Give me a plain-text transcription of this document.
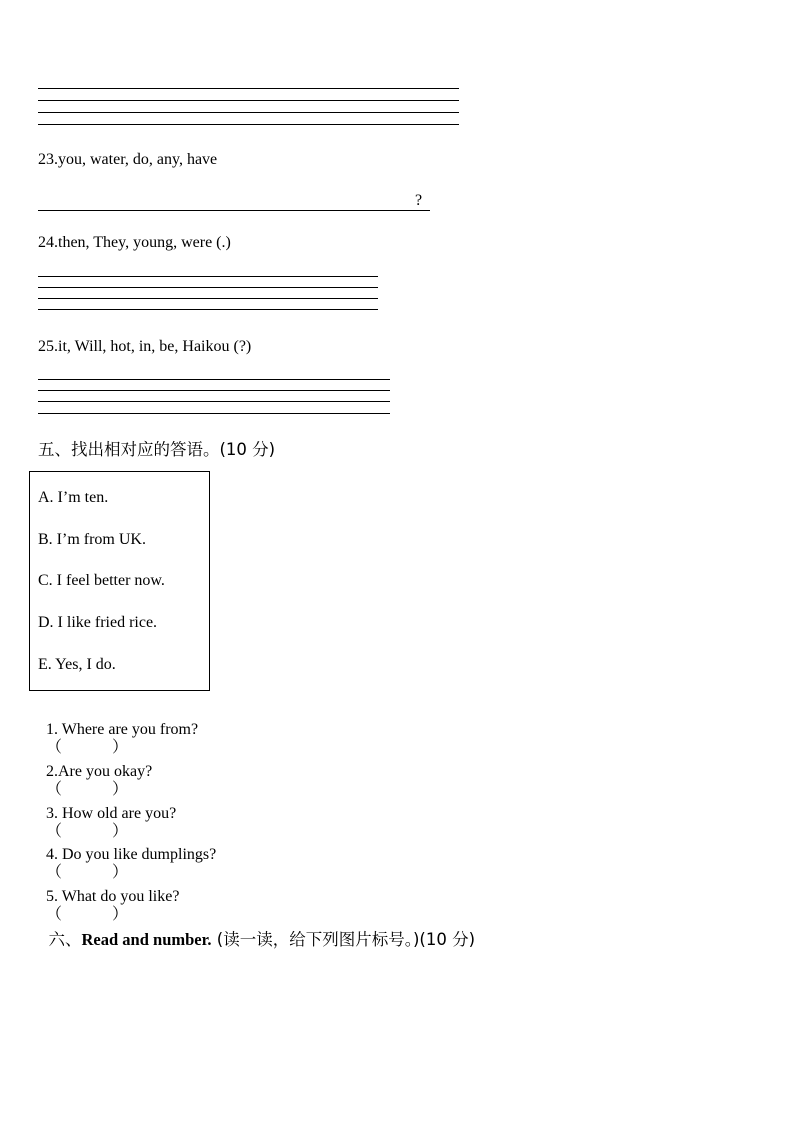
23.you, water, do, any, have
?
24.then, They, young, were (.)
25.it, Will, hot, in, be, Haikou (?)
五、找出相对应的答语。(10 分)
A. I’m ten.
B. I’m from UK.
C. I feel better now.
D. I like fried rice.
E. Yes, I do.

1. Where are you from?
（	）

2.Are you okay?
（	）

3. How old are you?
（	）

4. Do you like dumplings?
（	）

5. What do you like?
（	）

六、Read and number. (读一读，给下列图片标号。)(10 分)
